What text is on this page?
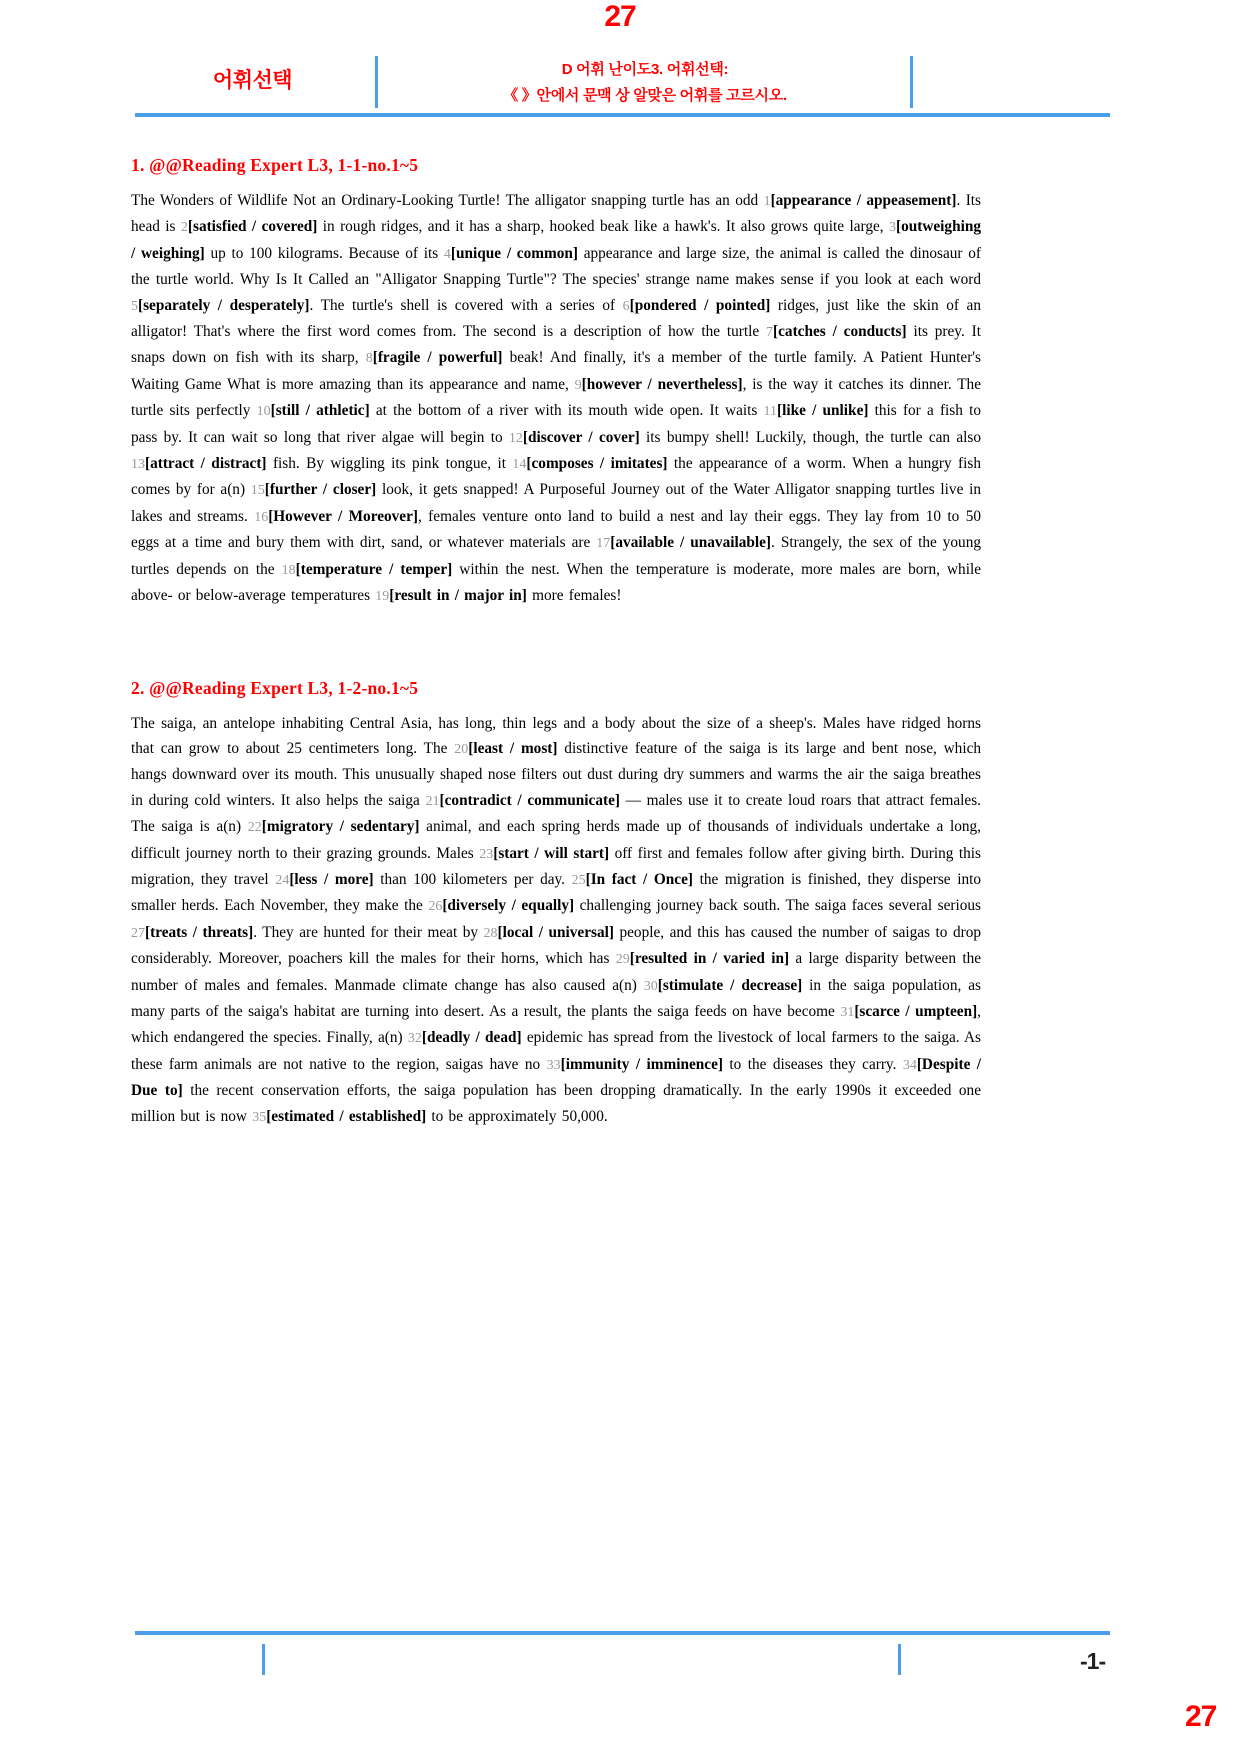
27
어휘선택	D 어휘 난이도3. 어휘선택:
《 》안에서 문맥 상 알맞은 어휘를 고르시오.
1. @@Reading Expert L3, 1-1-no.1~5

The Wonders of Wildlife Not an Ordinary-Looking Turtle! The alligator snapping turtle has an odd 1[appearance / appeasement]. Its head is 2[satisfied / covered] in rough ridges, and it has a sharp, hooked beak like a hawk's. It also grows quite large, 3[outweighing / weighing] up to 100 kilograms. Because of its 4[unique / common] appearance and large size, the animal is called the dinosaur of the turtle world. Why Is It Called an "Alligator Snapping Turtle"? The species' strange name makes sense if you look at each word 5[separately / desperately]. The turtle's shell is covered with a series of 6[pondered / pointed] ridges, just like the skin of an alligator! That's where the first word comes from. The second is a description of how the turtle 7[catches / conducts] its prey. It snaps down on fish with its sharp, 8[fragile / powerful] beak! And finally, it's a member of the turtle family. A Patient Hunter's Waiting Game What is more amazing than its appearance and name, 9[however / nevertheless], is the way it catches its dinner. The turtle sits perfectly 10[still / athletic] at the bottom of a river with its mouth wide open. It waits 11[like / unlike] this for a fish to pass by. It can wait so long that river algae will begin to 12[discover / cover] its bumpy shell! Luckily, though, the turtle can also 13[attract / distract] fish. By wiggling its pink tongue, it 14[composes / imitates] the appearance of a worm. When a hungry fish comes by for a(n) 15[further / closer] look, it gets snapped! A Purposeful Journey out of the Water Alligator snapping turtles live in lakes and streams. 16[However / Moreover], females venture onto land to build a nest and lay their eggs. They lay from 10 to 50 eggs at a time and bury them with dirt, sand, or whatever materials are 17[available / unavailable]. Strangely, the sex of the young turtles depends on the 18[temperature / temper] within the nest. When the temperature is moderate, more males are born, while above- or below-average temperatures 19[result in / major in] more females!

2. @@Reading Expert L3, 1-2-no.1~5

The saiga, an antelope inhabiting Central Asia, has long, thin legs and a body about the size of a sheep's. Males have ridged horns that can grow to about 25 centimeters long. The 20[least / most] distinctive feature of the saiga is its large and bent nose, which hangs downward over its mouth. This unusually shaped nose filters out dust during dry summers and warms the air the saiga breathes in during cold winters. It also helps the saiga 21[contradict / communicate] — males use it to create loud roars that attract females. The saiga is a(n) 22[migratory / sedentary] animal, and each spring herds made up of thousands of individuals undertake a long, difficult journey north to their grazing grounds. Males 23[start / will start] off first and females follow after giving birth. During this migration, they travel 24[less / more] than 100 kilometers per day. 25[In fact / Once] the migration is finished, they disperse into smaller herds. Each November, they make the 26[diversely / equally] challenging journey back south. The saiga faces several serious 27[treats / threats]. They are hunted for their meat by 28[local / universal] people, and this has caused the number of saigas to drop considerably. Moreover, poachers kill the males for their horns, which has 29[resulted in / varied in] a large disparity between the number of males and females. Manmade climate change has also caused a(n) 30[stimulate / decrease] in the saiga population, as many parts of the saiga's habitat are turning into desert. As a result, the plants the saiga feeds on have become 31[scarce / umpteen], which endangered the species. Finally, a(n) 32[deadly / dead] epidemic has spread from the livestock of local farmers to the saiga. As these farm animals are not native to the region, saigas have no 33[immunity / imminence] to the diseases they carry. 34[Despite / Due to] the recent conservation efforts, the saiga population has been dropping dramatically. In the early 1990s it exceeded one million but is now 35[estimated / established] to be approximately 50,000.

-1-
27
